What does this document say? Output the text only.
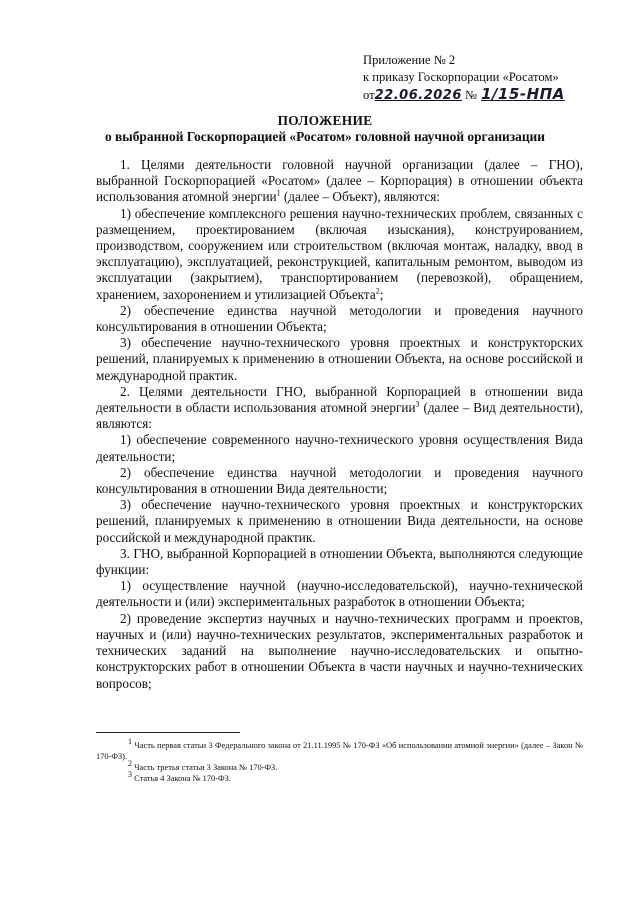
Приложение № 2
к приказу Госкорпорации «Росатом»
от22.06.2026 № 1/15-НПА
ПОЛОЖЕНИЕ
о выбранной Госкорпорацией «Росатом» головной научной организации

1. Целями деятельности головной научной организации (далее – ГНО), выбранной Госкорпорацией «Росатом» (далее – Корпорация) в отношении объекта использования атомной энергии$^1$ (далее – Объект), являются:

1) обеспечение комплексного решения научно-технических проблем, связанных с размещением, проектированием (включая изыскания), конструированием, производством, сооружением или строительством (включая монтаж, наладку, ввод в эксплуатацию), эксплуатацией, реконструкцией, капитальным ремонтом, выводом из эксплуатации (закрытием), транспортированием (перевозкой), обращением, хранением, захоронением и утилизацией Объекта$^2$;

2) обеспечение единства научной методологии и проведения научного консультирования в отношении Объекта;

3) обеспечение научно-технического уровня проектных и конструкторских решений, планируемых к применению в отношении Объекта, на основе российской и международной практик.

2. Целями деятельности ГНО, выбранной Корпорацией в отношении вида деятельности в области использования атомной энергии$^3$ (далее – Вид деятельности), являются:

1) обеспечение современного научно-технического уровня осуществления Вида деятельности;

2) обеспечение единства научной методологии и проведения научного консультирования в отношении Вида деятельности;

3) обеспечение научно-технического уровня проектных и конструкторских решений, планируемых к применению в отношении Вида деятельности, на основе российской и международной практик.

3. ГНО, выбранной Корпорацией в отношении Объекта, выполняются следующие функции:

1) осуществление научной (научно-исследовательской), научно-технической деятельности и (или) экспериментальных разработок в отношении Объекта;

2) проведение экспертиз научных и научно-технических программ и проектов, научных и (или) научно-технических результатов, экспериментальных разработок и технических заданий на выполнение научно-исследовательских и опытно-конструкторских работ в отношении Объекта в части научных и научно-технических вопросов;

$^1$ Часть первая статьи 3 Федерального закона от 21.11.1995 № 170-ФЗ «Об использовании атомной энергии» (далее – Закон № 170-ФЗ).

$^2$ Часть третья статьи 3 Закона № 170-ФЗ.

$^3$ Статья 4 Закона № 170-ФЗ.
